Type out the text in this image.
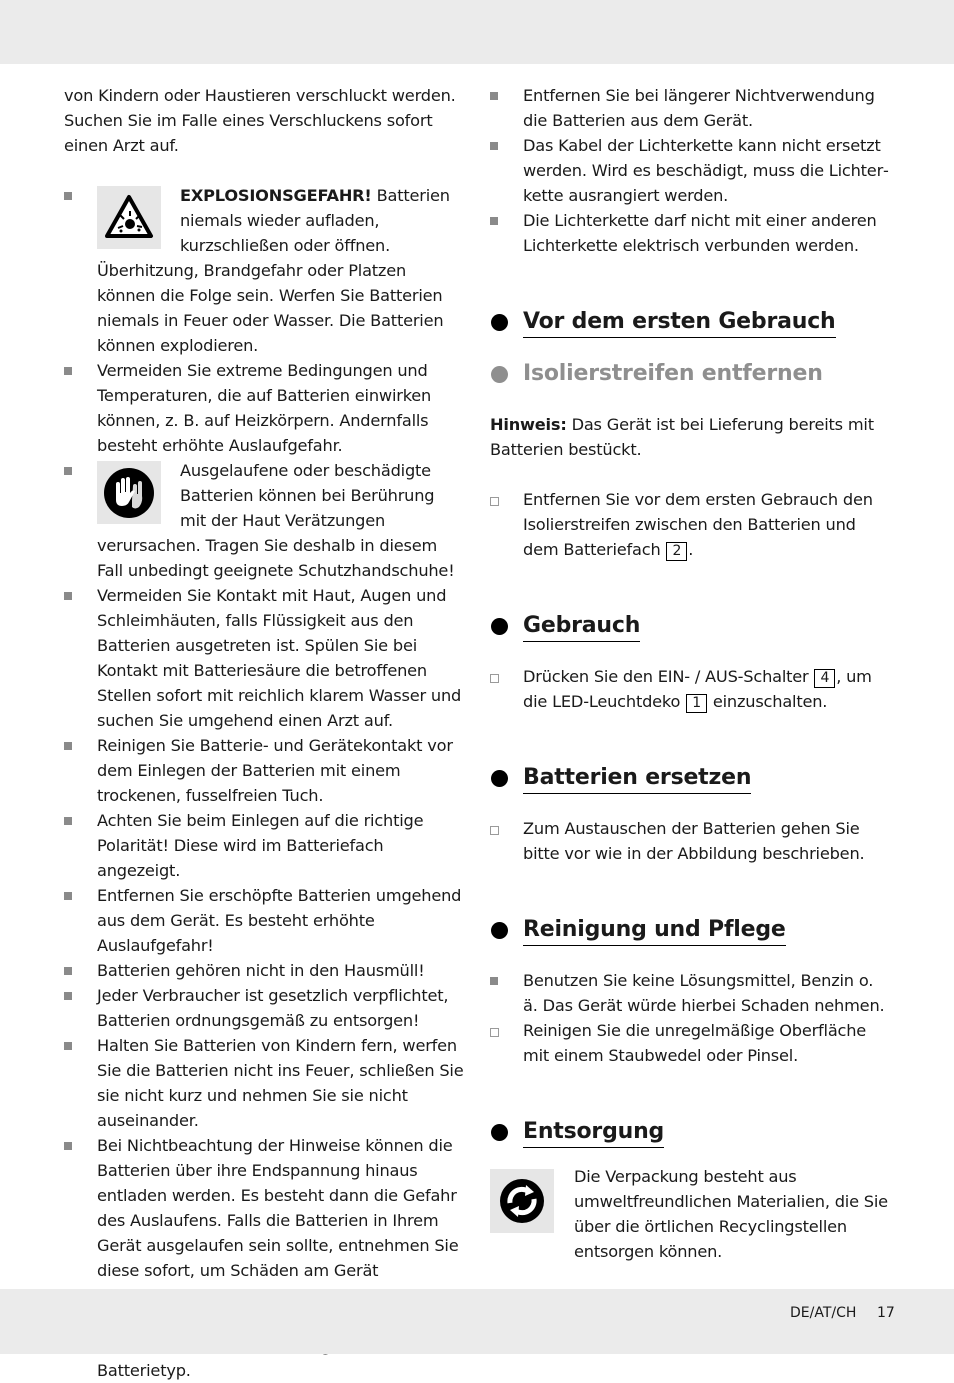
von Kindern oder Haustieren verschluckt werden. Suchen Sie im Falle eines Verschluckens sofort einen Arzt auf.

EXPLOSIONSGEFAHR! Batterien niemals wieder aufladen, kurzschließen oder öffnen. Überhitzung, Brandgefahr oder Platzen können die Folge sein. Werfen Sie Batterien niemals in Feuer oder Wasser. Die Batterien können explodieren.
Vermeiden Sie extreme Bedingungen und Temperaturen, die auf Batterien einwirken können, z. B. auf Heizkörpern. Andernfalls besteht erhöhte Auslaufgefahr.
Ausgelaufene oder beschädigte Batterien können bei Berührung mit der Haut Verätzungen verursachen. Tragen Sie deshalb in diesem Fall unbedingt geeignete Schutzhandschuhe!
Vermeiden Sie Kontakt mit Haut, Augen und Schleimhäuten, falls Flüssigkeit aus den Batterien ausgetreten ist. Spülen Sie bei Kontakt mit Batteriesäure die betroffenen Stellen sofort mit reichlich klarem Wasser und suchen Sie umgehend einen Arzt auf.
Reinigen Sie Batterie- und Gerätekontakt vor dem Einlegen der Batterien mit einem trockenen, fusselfreien Tuch.
Achten Sie beim Einlegen auf die richtige Polarität! Diese wird im Batteriefach angezeigt.
Entfernen Sie erschöpfte Batterien umgehend aus dem Gerät. Es besteht erhöhte Auslaufgefahr!
Batterien gehören nicht in den Hausmüll!
Jeder Verbraucher ist gesetzlich verpflichtet, Batterien ordnungsgemäß zu entsorgen!
Halten Sie Batterien von Kindern fern, werfen Sie die Batterien nicht ins Feuer, schließen Sie sie nicht kurz und nehmen Sie sie nicht auseinander.
Bei Nichtbeachtung der Hinweise können die Batterien über ihre Endspannung hinaus entladen werden. Es besteht dann die Gefahr des Auslaufens. Falls die Batterien in Ihrem Gerät ausgelaufen sein sollte, entnehmen Sie diese sofort, um Schäden am Gerät
Batterietyp.
Entfernen Sie bei längerer Nichtverwendung die Batterien aus dem Gerät.
Das Kabel der Lichterkette kann nicht ersetzt werden. Wird es beschädigt, muss die Lichterkette ausrangiert werden.
Die Lichterkette darf nicht mit einer anderen Lichterkette elektrisch verbunden werden.
Vor dem ersten Gebrauch
Isolierstreifen entfernen

Hinweis: Das Gerät ist bei Lieferung bereits mit Batterien bestückt.

Entfernen Sie vor dem ersten Gebrauch den Isolierstreifen zwischen den Batterien und dem Batteriefach 2 .
Gebrauch
Drücken Sie den EIN- / AUS-Schalter 4 , um die LED-Leuchtdeko 1 einzuschalten.
Batterien ersetzen
Zum Austauschen der Batterien gehen Sie bitte vor wie in der Abbildung beschrieben.
Reinigung und Pflege
Benutzen Sie keine Lösungsmittel, Benzin o. ä. Das Gerät würde hierbei Schaden nehmen.
Reinigen Sie die unregelmäßige Oberfläche mit einem Staubwedel oder Pinsel.
Entsorgung

Die Verpackung besteht aus umweltfreundlichen Materialien, die Sie über die örtlichen Recyclingstellen entsorgen können.

DE/AT/CH 17
